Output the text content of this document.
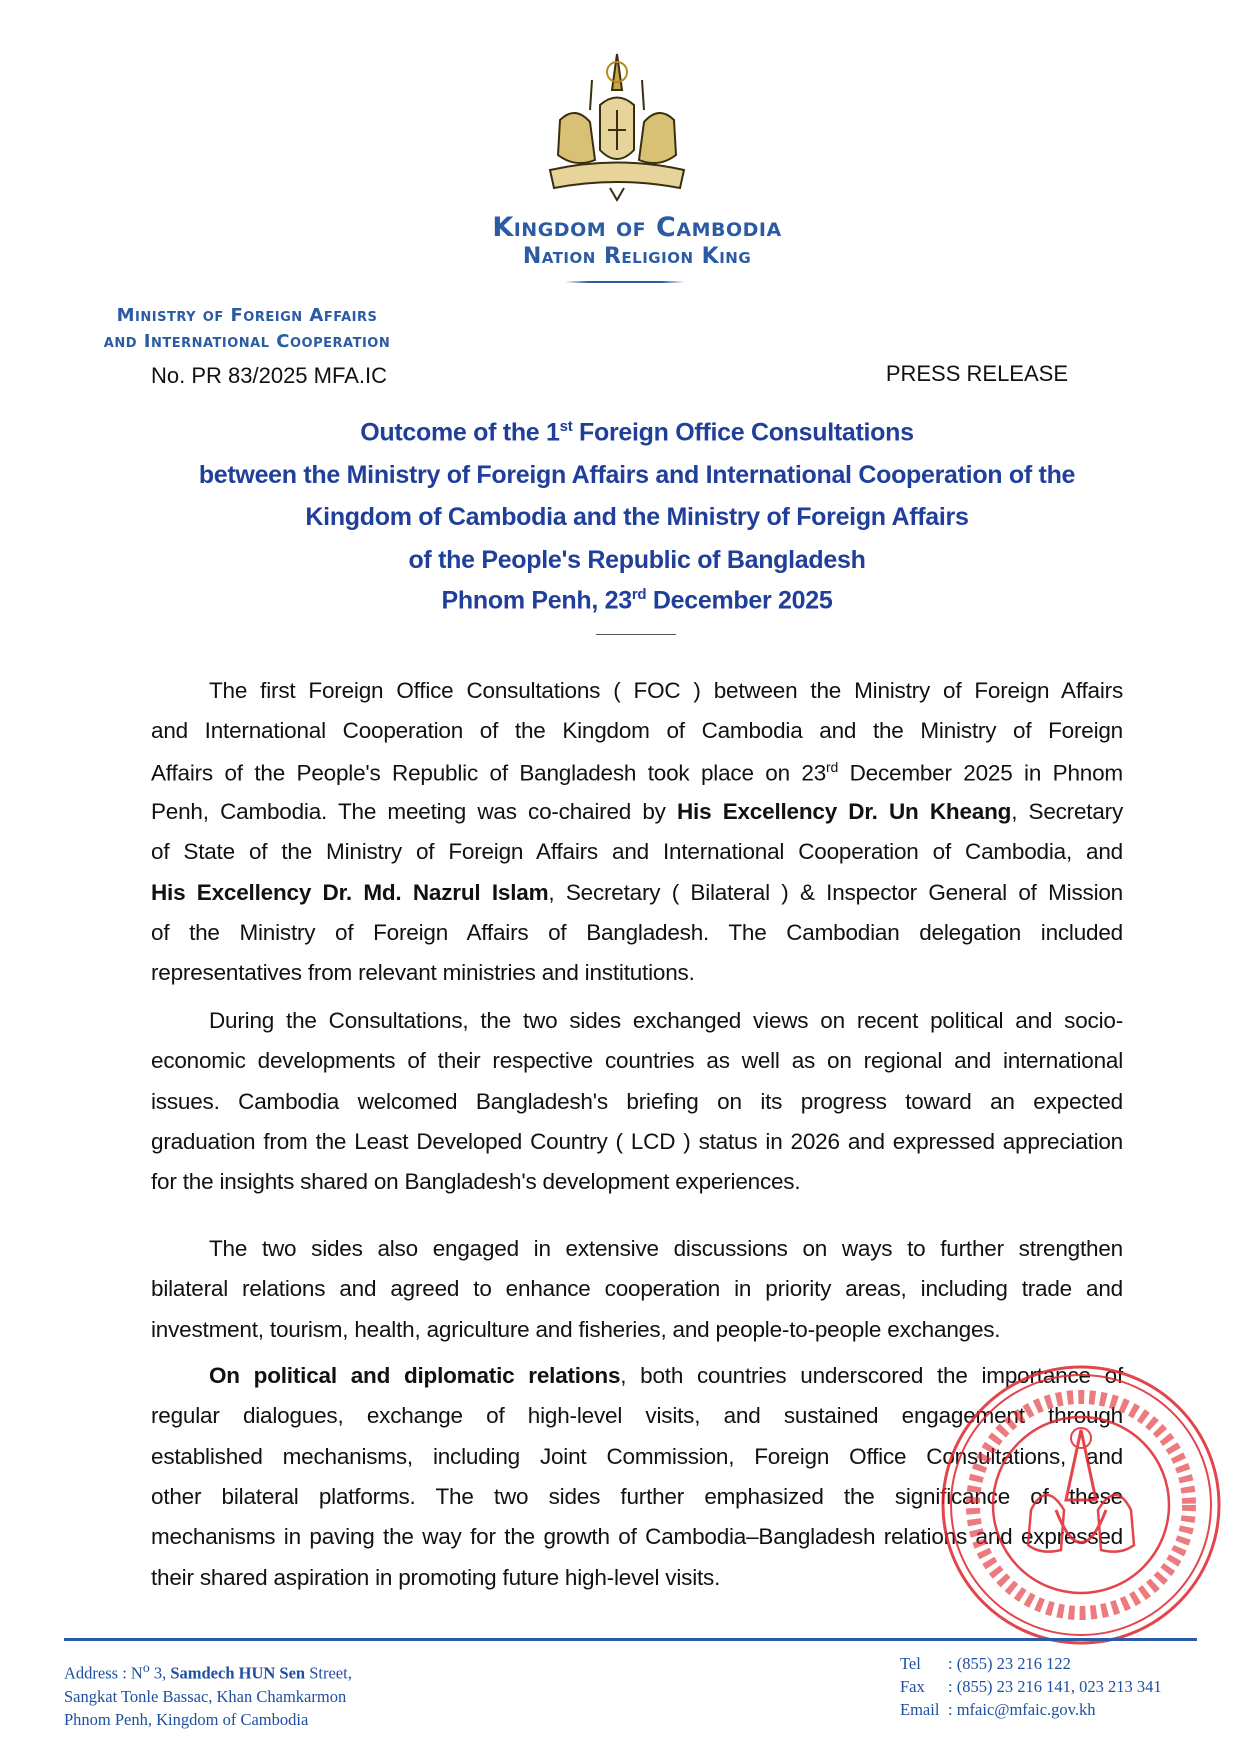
Kingdom of Cambodia
Nation Religion King
Ministry of Foreign Affairs
and International Cooperation
No. PR 83/2025 MFA.IC	PRESS RELEASE
Outcome of the 1st Foreign Office Consultations
between the Ministry of Foreign Affairs and International Cooperation of the
Kingdom of Cambodia and the Ministry of Foreign Affairs
of the People's Republic of Bangladesh
Phnom Penh, 23rd December 2025
The first Foreign Office Consultations ( FOC ) between the Ministry of Foreign Affairs
and International Cooperation of the Kingdom of Cambodia and the Ministry of Foreign
Affairs of the People's Republic of Bangladesh took place on 23rd December 2025 in Phnom
Penh, Cambodia. The meeting was co-chaired by His Excellency Dr. Un Kheang, Secretary
of State of the Ministry of Foreign Affairs and International Cooperation of Cambodia, and
His Excellency Dr. Md. Nazrul Islam, Secretary ( Bilateral ) & Inspector General of Mission
of the Ministry of Foreign Affairs of Bangladesh. The Cambodian delegation included
representatives from relevant ministries and institutions.
During the Consultations, the two sides exchanged views on recent political and socio-
economic developments of their respective countries as well as on regional and international
issues. Cambodia welcomed Bangladesh's briefing on its progress toward an expected
graduation from the Least Developed Country ( LCD ) status in 2026 and expressed appreciation
for the insights shared on Bangladesh's development experiences.
The two sides also engaged in extensive discussions on ways to further strengthen
bilateral relations and agreed to enhance cooperation in priority areas, including trade and
investment, tourism, health, agriculture and fisheries, and people-to-people exchanges.
On political and diplomatic relations, both countries underscored the importance of
regular dialogues, exchange of high-level visits, and sustained engagement through
established mechanisms, including Joint Commission, Foreign Office Consultations, and
other bilateral platforms. The two sides further emphasized the significance of these
mechanisms in paving the way for the growth of Cambodia–Bangladesh relations and expressed
their shared aspiration in promoting future high-level visits.
Address : $N^o$ 3, Samdech HUN Sen Street,
Sangkat Tonle Bassac, Khan Chamkarmon
Phnom Penh, Kingdom of Cambodia
Tel	: (855) 23 216 122
Fax	: (855) 23 216 141, 023 213 341
Email : mfaic@mfaic.gov.kh
